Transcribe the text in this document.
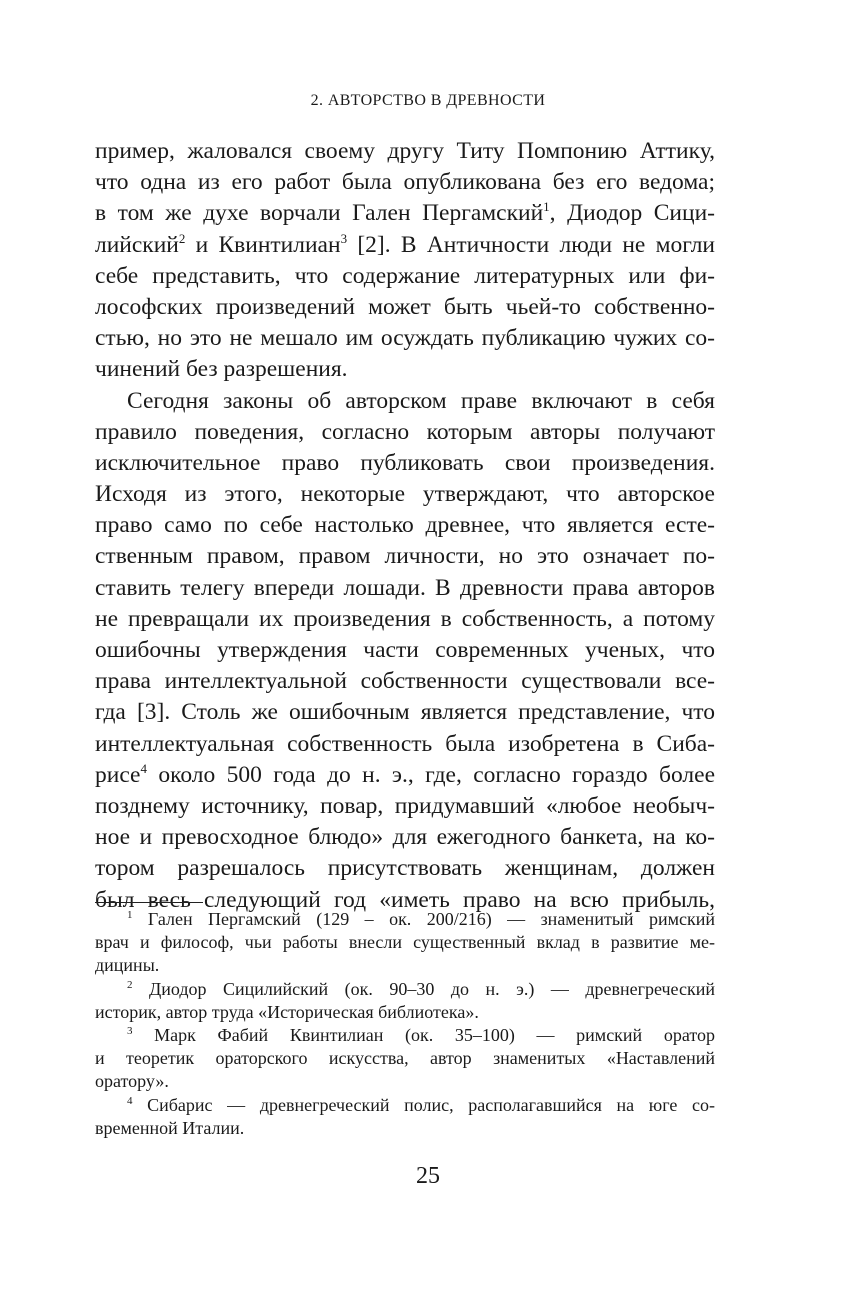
2. АВТОРСТВО В ДРЕВНОСТИ
пример, жаловался своему другу Титу Помпонию Аттику,
что одна из его работ была опубликована без его ведома;
в том же духе ворчали Гален Пергамский$^1$, Диодор Сици-
лийский$^2$ и Квинтилиан$^3$ [2]. В Античности люди не могли
себе представить, что содержание литературных или фи-
лософских произведений может быть чьей-то собственно-
стью, но это не мешало им осуждать публикацию чужих со-
чинений без разрешения.
Сегодня законы об авторском праве включают в себя
правило поведения, согласно которым авторы получают
исключительное право публиковать свои произведения.
Исходя из этого, некоторые утверждают, что авторское
право само по себе настолько древнее, что является есте-
ственным правом, правом личности, но это означает по-
ставить телегу впереди лошади. В древности права авторов
не превращали их произведения в собственность, а потому
ошибочны утверждения части современных ученых, что
права интеллектуальной собственности существовали все-
гда [3]. Столь же ошибочным является представление, что
интеллектуальная собственность была изобретена в Сиба-
рисе$^4$ около 500 года до н. э., где, согласно гораздо более
позднему источнику, повар, придумавший «любое необыч-
ное и превосходное блюдо» для ежегодного банкета, на ко-
тором разрешалось присутствовать женщинам, должен
был весь следующий год «иметь право на всю прибыль,
$^1$ Гален Пергамский (129 – ок. 200/216) — знаменитый римский
врач и философ, чьи работы внесли существенный вклад в развитие ме-
дицины.
$^2$ Диодор Сицилийский (ок. 90–30 до н. э.) — древнегреческий
историк, автор труда «Историческая библиотека».
$^3$ Марк Фабий Квинтилиан (ок. 35–100) — римский оратор
и теоретик ораторского искусства, автор знаменитых «Наставлений
оратору».
$^4$ Сибарис — древнегреческий полис, располагавшийся на юге со-
временной Италии.
25
